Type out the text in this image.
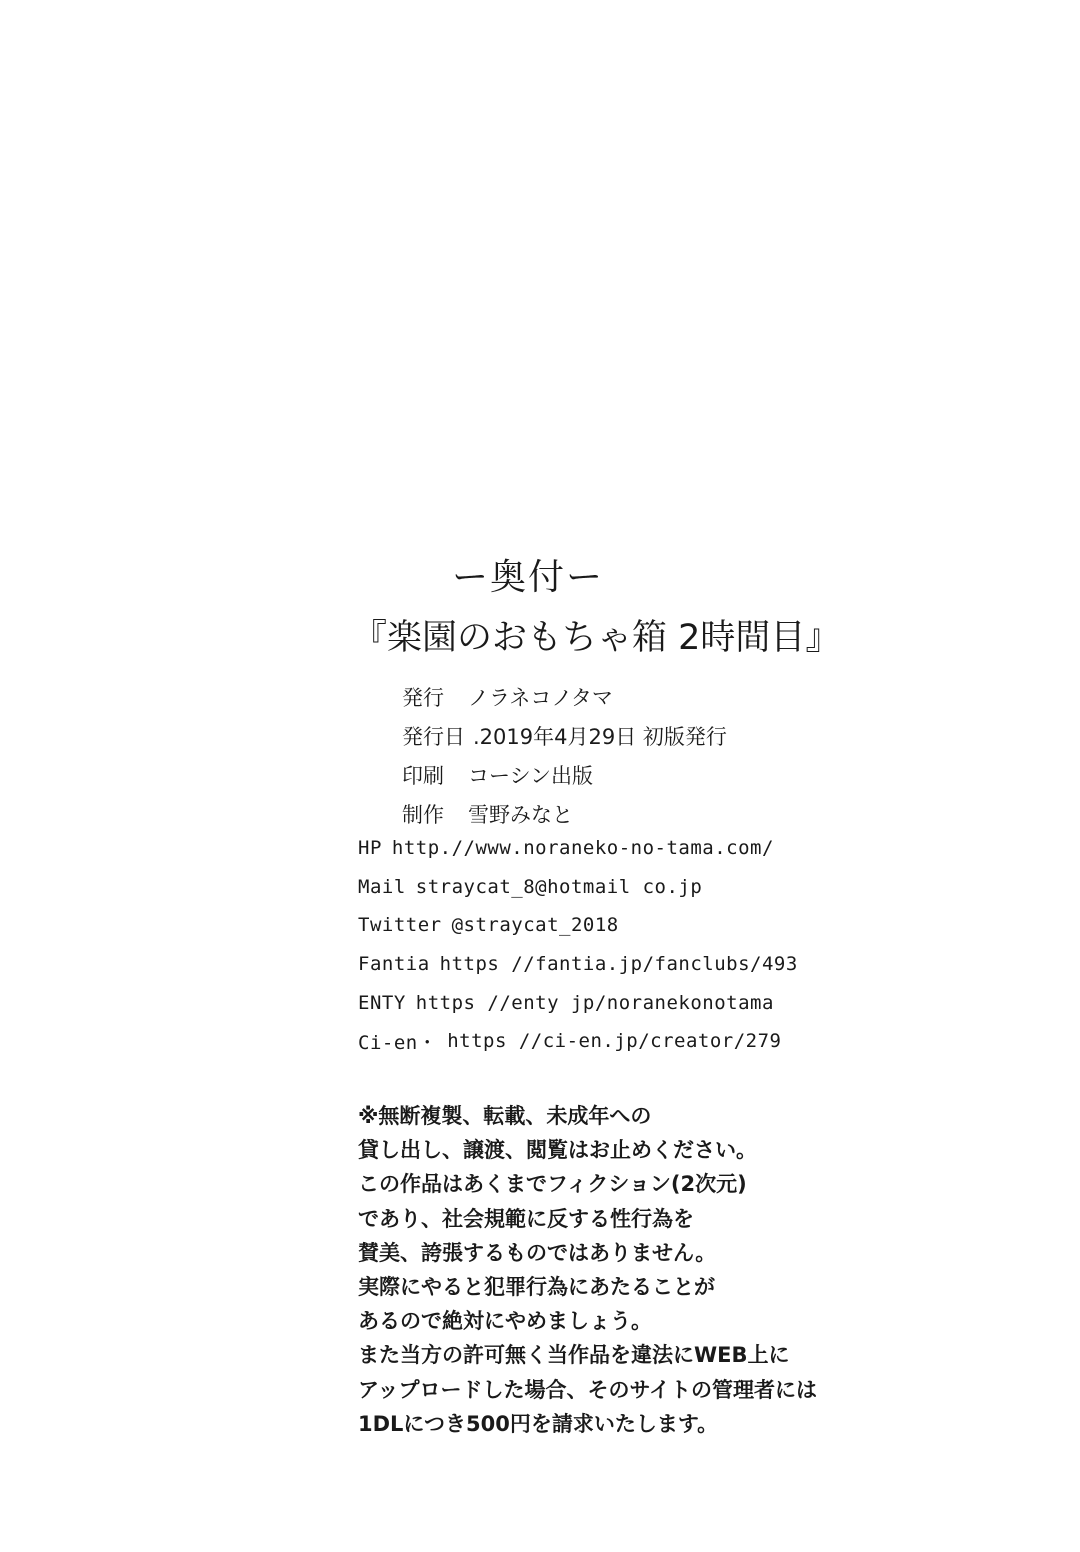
ー奥付ー
『楽園のおもちゃ箱 2時間目』
発行	ノラネコノタマ
発行日 .2019年4月29日 初版発行
印刷	コーシン出版
制作	雪野みなと
HP http.//www.noraneko-no-tama.com/
Mail straycat_8@hotmail co.jp
Twitter @straycat_2018
Fantia https //fantia.jp/fanclubs/493
ENTY https //enty jp/noranekonotama
Ci-en・ https //ci-en.jp/creator/279
※無断複製、転載、未成年への
貸し出し、譲渡、閲覧はお止めください。
この作品はあくまでフィクション(2次元)
であり、社会規範に反する性行為を
賛美、誇張するものではありません。
実際にやると犯罪行為にあたることが
あるので絶対にやめましょう。
また当方の許可無く当作品を違法にWEB上に
アップロードした場合、そのサイトの管理者には
1DLにつき500円を請求いたします。
